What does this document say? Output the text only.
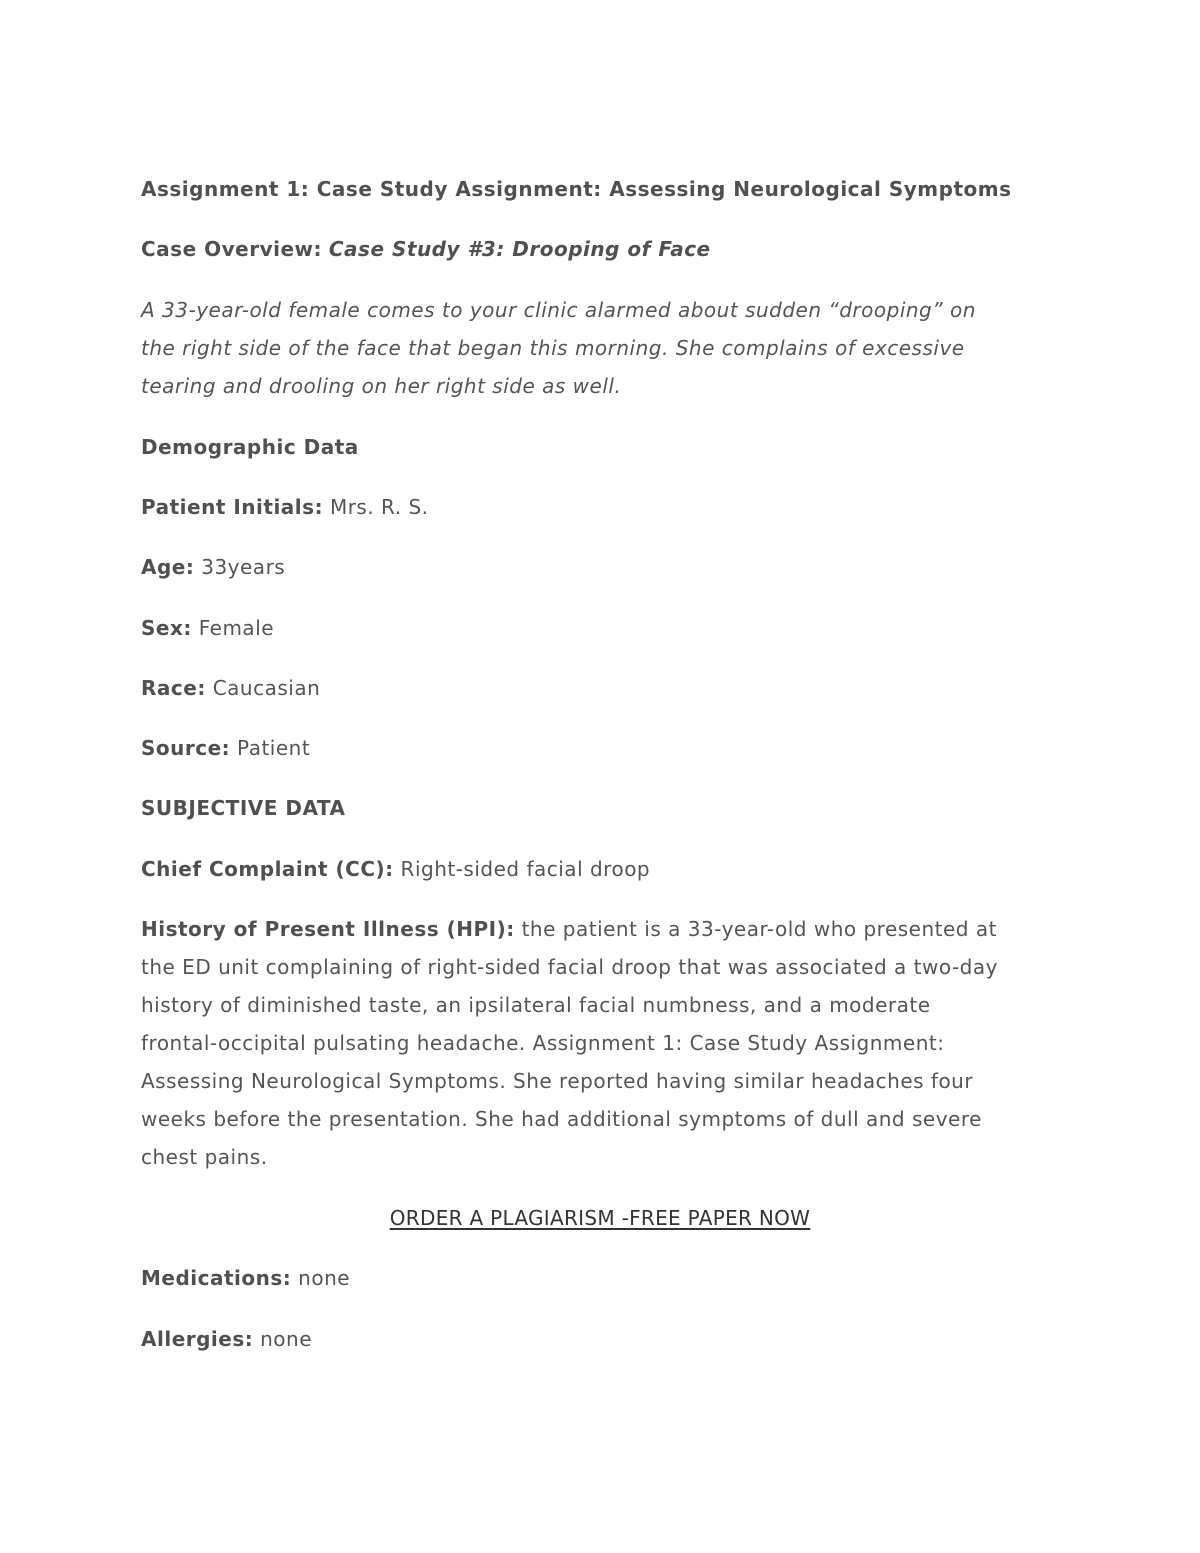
Assignment 1: Case Study Assignment: Assessing Neurological Symptoms

Case Overview: Case Study #3: Drooping of Face

A 33-year-old female comes to your clinic alarmed about sudden “drooping” on
the right side of the face that began this morning. She complains of excessive
tearing and drooling on her right side as well.

Demographic Data

Patient Initials: Mrs. R. S.

Age: 33years

Sex: Female

Race: Caucasian

Source: Patient

SUBJECTIVE DATA

Chief Complaint (CC): Right-sided facial droop

History of Present Illness (HPI): the patient is a 33-year-old who presented at
the ED unit complaining of right-sided facial droop that was associated a two-day
history of diminished taste, an ipsilateral facial numbness, and a moderate
frontal-occipital pulsating headache. Assignment 1: Case Study Assignment:
Assessing Neurological Symptoms. She reported having similar headaches four
weeks before the presentation. She had additional symptoms of dull and severe
chest pains.

ORDER A PLAGIARISM -FREE PAPER NOW

Medications: none

Allergies: none
